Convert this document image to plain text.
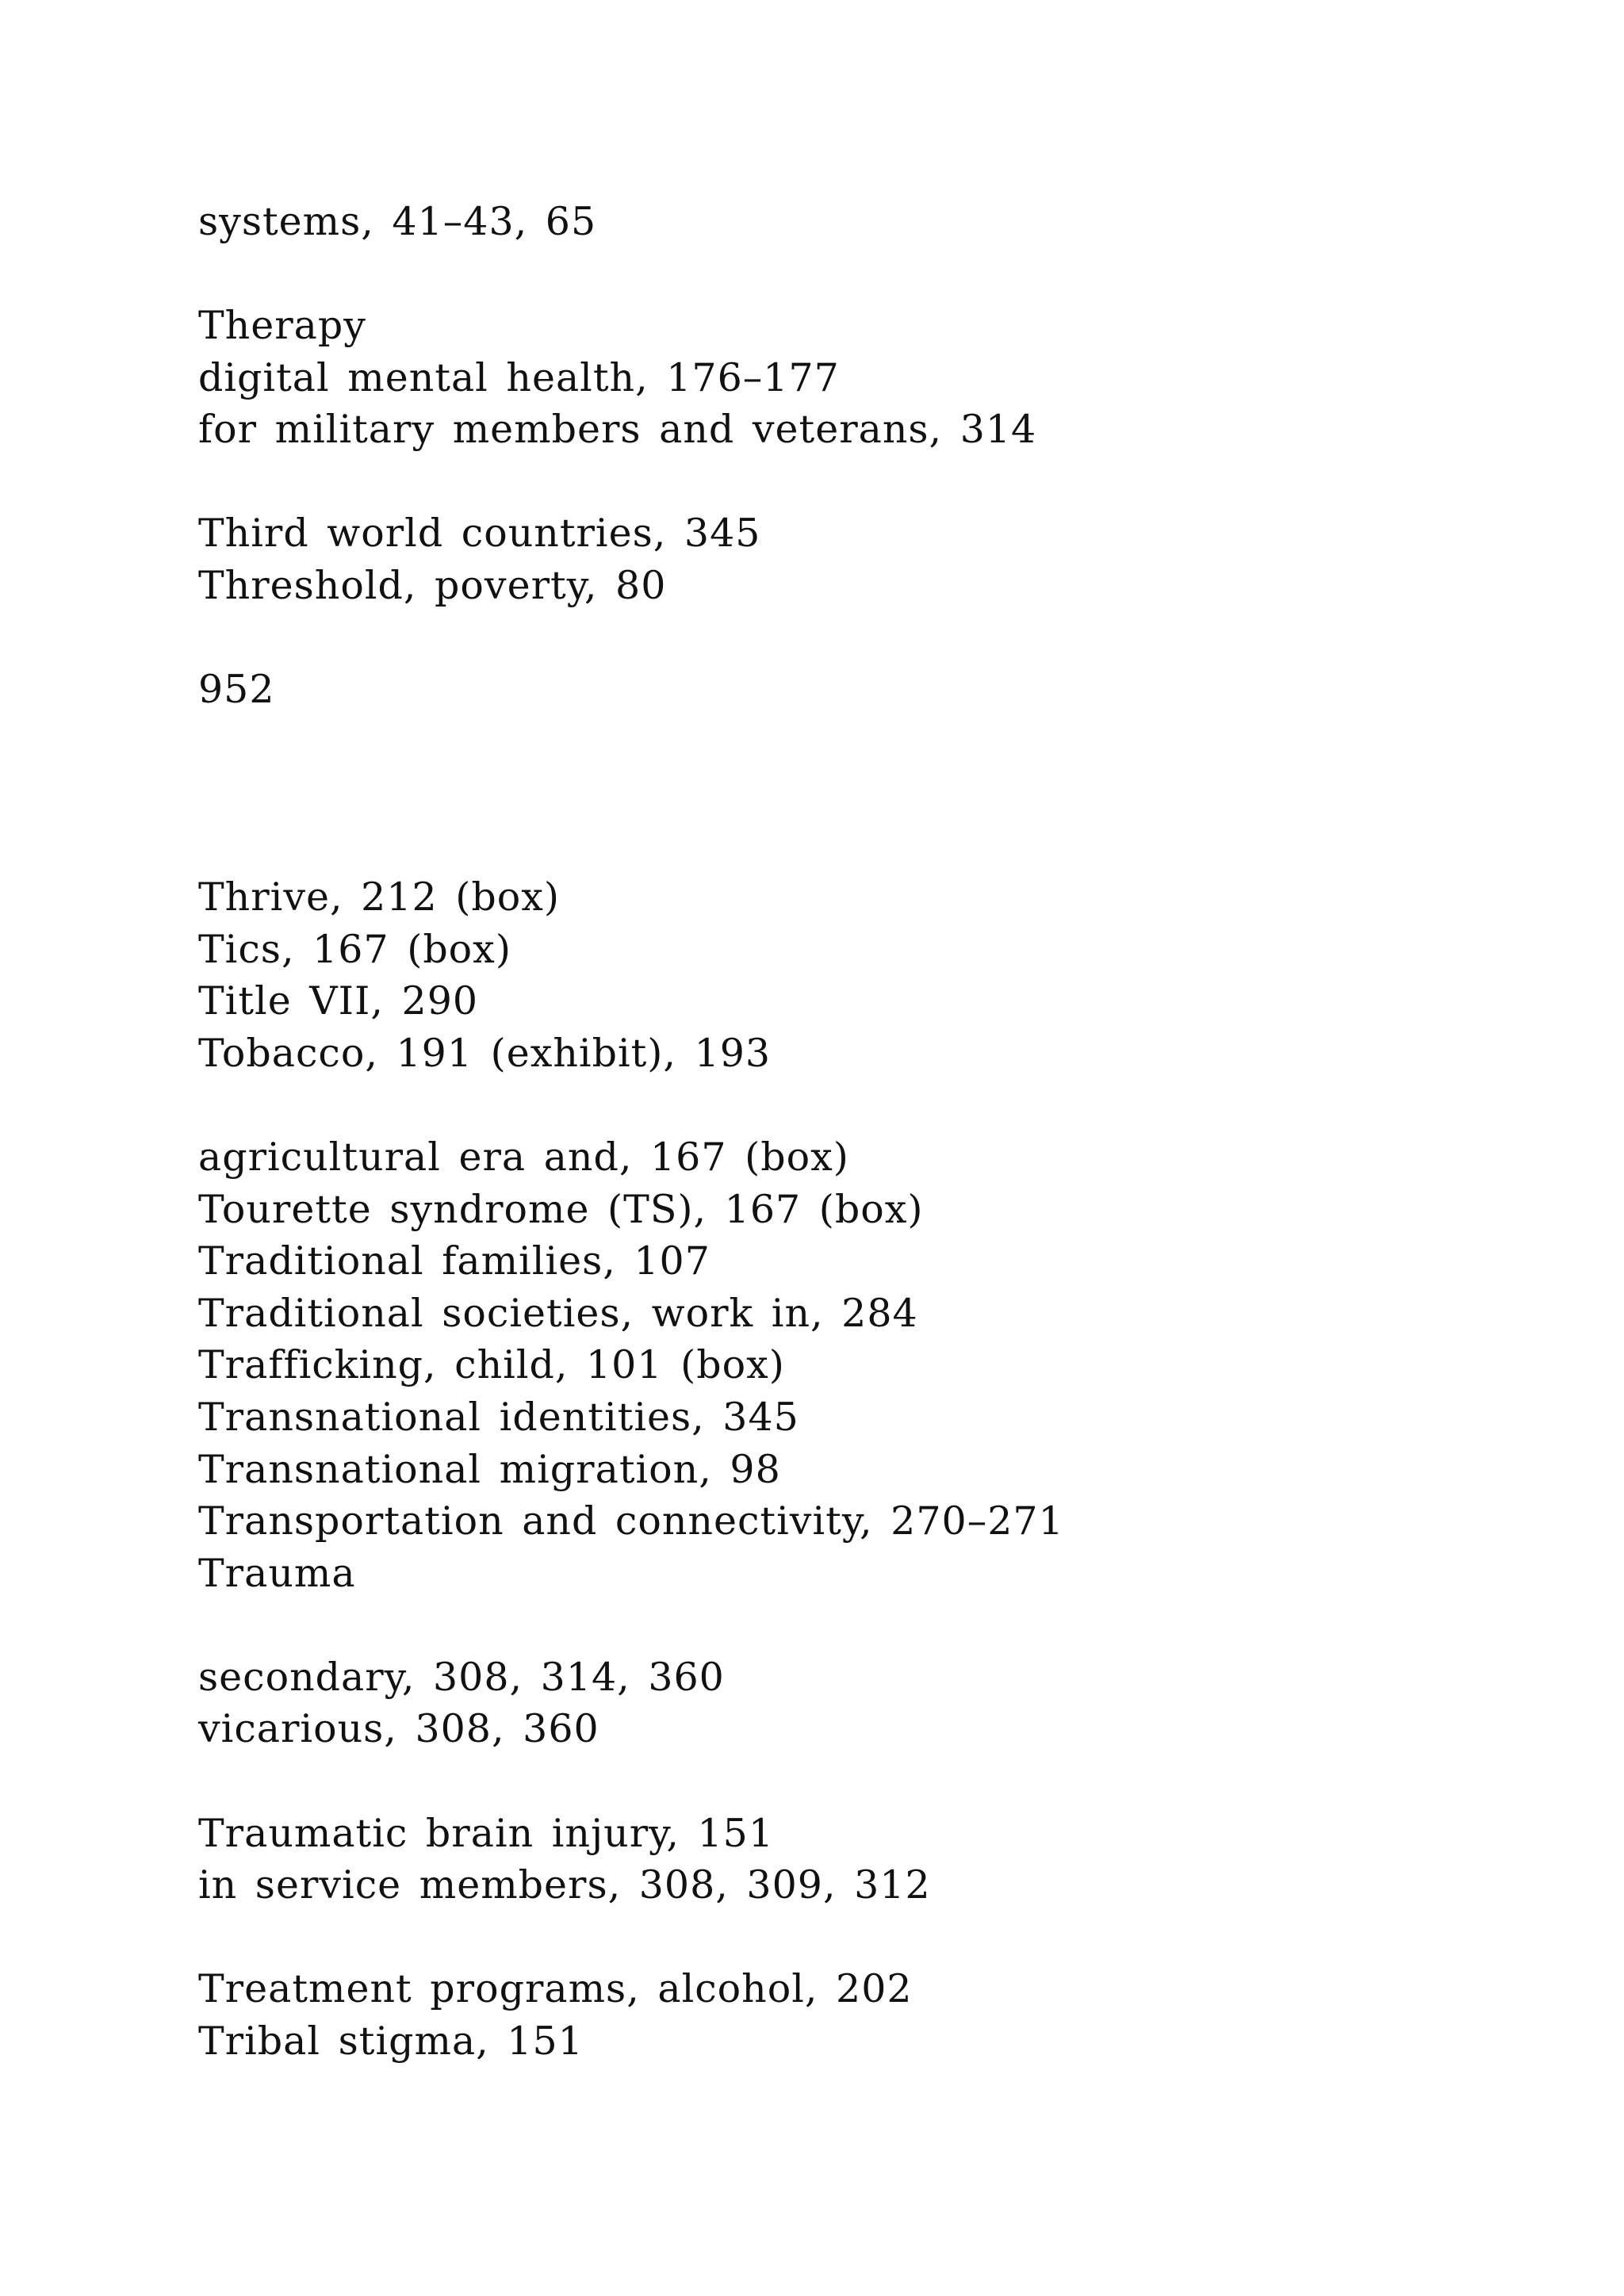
systems, 41–43, 65

Therapy

digital mental health, 176–177

for military members and veterans, 314

Third world countries, 345

Threshold, poverty, 80

952

Thrive, 212 (box)

Tics, 167 (box)

Title VII, 290

Tobacco, 191 (exhibit), 193

agricultural era and, 167 (box)

Tourette syndrome (TS), 167 (box)

Traditional families, 107

Traditional societies, work in, 284

Trafficking, child, 101 (box)

Transnational identities, 345

Transnational migration, 98

Transportation and connectivity, 270–271

Trauma

secondary, 308, 314, 360

vicarious, 308, 360

Traumatic brain injury, 151

in service members, 308, 309, 312

Treatment programs, alcohol, 202

Tribal stigma, 151
